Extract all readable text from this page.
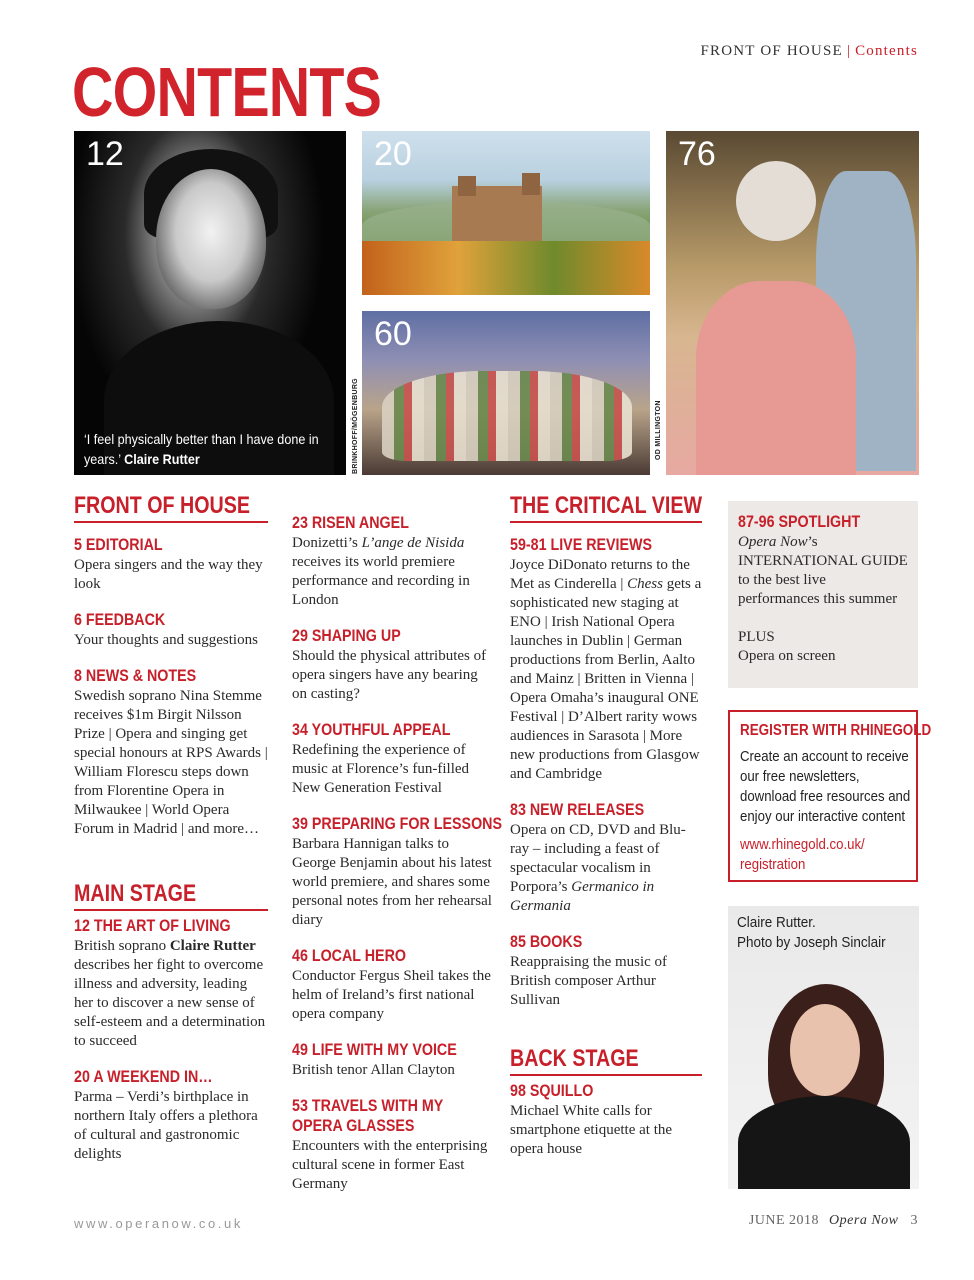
FRONT OF HOUSE | Contents
CONTENTS
12
‘I feel physically better than I have done in years.’ Claire Rutter
20
60
BRINKHOFF/MÖGENBURG
76
OD MILLINGTON
FRONT OF HOUSE
5 EDITORIAL
Opera singers and the way they look
6 FEEDBACK
Your thoughts and suggestions
8 NEWS & NOTES
Swedish soprano Nina Stemme receives $1m Birgit Nilsson Prize | Opera and singing get special honours at RPS Awards | William Florescu steps down from Florentine Opera in Milwaukee | World Opera Forum in Madrid | and more…
MAIN STAGE
12 THE ART OF LIVING
British soprano Claire Rutter describes her fight to overcome illness and adversity, leading her to discover a new sense of self-esteem and a determination to succeed
20 A WEEKEND IN…
Parma – Verdi’s birthplace in northern Italy offers a plethora of cultural and gastronomic delights
23 RISEN ANGEL
Donizetti’s L’ange de Nisida receives its world premiere performance and recording in London
29 SHAPING UP
Should the physical attributes of opera singers have any bearing on casting?
34 YOUTHFUL APPEAL
Redefining the experience of music at Florence’s fun-filled New Generation Festival
39 PREPARING FOR LESSONS
Barbara Hannigan talks to George Benjamin about his latest world premiere, and shares some personal notes from her rehearsal diary
46 LOCAL HERO
Conductor Fergus Sheil takes the helm of Ireland’s first national opera company
49 LIFE WITH MY VOICE
British tenor Allan Clayton
53 TRAVELS WITH MY
OPERA GLASSES
Encounters with the enterprising cultural scene in former East Germany
THE CRITICAL VIEW
59-81 LIVE REVIEWS
Joyce DiDonato returns to the Met as Cinderella | Chess gets a sophisticated new staging at ENO | Irish National Opera launches in Dublin | German productions from Berlin, Aalto and Mainz | Britten in Vienna | Opera Omaha’s inaugural ONE Festival | D’Albert rarity wows audiences in Sarasota | More new productions from Glasgow and Cambridge
83 NEW RELEASES
Opera on CD, DVD and Blu-ray – including a feast of spectacular vocalism in Porpora’s Germanico in Germania
85 BOOKS
Reappraising the music of British composer Arthur Sullivan
BACK STAGE
98 SQUILLO
Michael White calls for smartphone etiquette at the opera house
87-96 SPOTLIGHT
Opera Now’s
INTERNATIONAL GUIDE
to the best live performances this summer
PLUS
Opera on screen
REGISTER WITH RHINEGOLD
Create an account to receive our free newsletters, download free resources and enjoy our interactive content
www.rhinegold.co.uk/ registration
Claire Rutter.
Photo by Joseph Sinclair
www.operanow.co.uk	JUNE 2018 Opera Now 3
